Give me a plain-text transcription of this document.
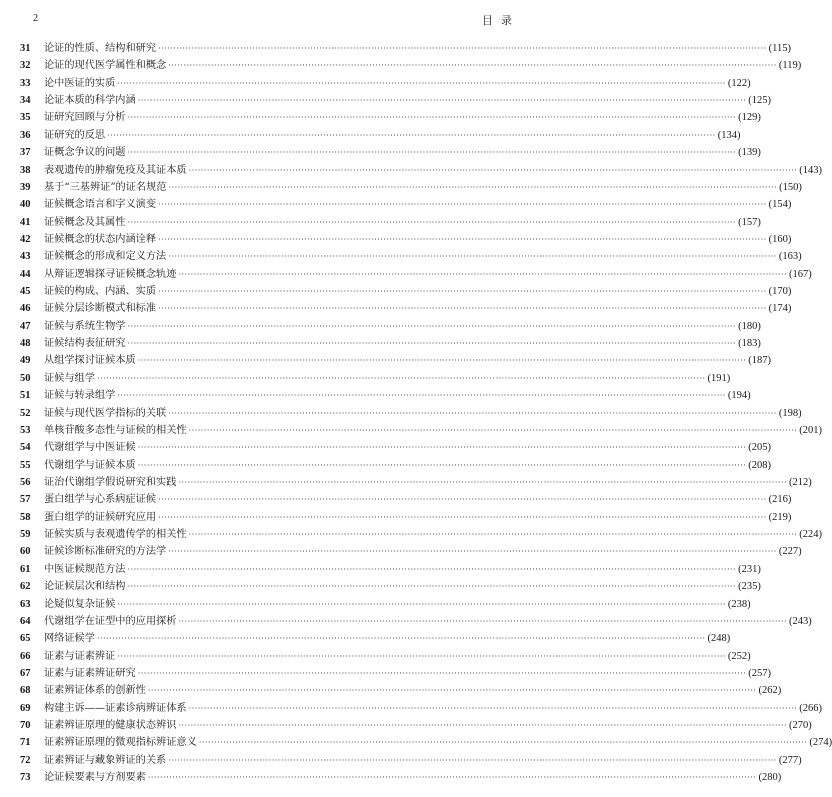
2	目录
31	论证的性质、结构和研究 ········································································································································································································ (115)
32	论证的现代医学属性和概念 ········································································································································································································ (119)
33	论中医证的实质 ········································································································································································································ (122)
34	论证本质的科学内涵 ········································································································································································································ (125)
35	证研究回顾与分析 ········································································································································································································ (129)
36	证研究的反思 ········································································································································································································ (134)
37	证概念争议的问题 ········································································································································································································ (139)
38	表观遗传的肿瘤免疫及其证本质 ········································································································································································································ (143)
39	基于“三基辨证”的证名规范 ········································································································································································································ (150)
40	证候概念语言和字义演变 ········································································································································································································ (154)
41	证候概念及其属性 ········································································································································································································ (157)
42	证候概念的状态内涵诠释 ········································································································································································································ (160)
43	证候概念的形成和定义方法 ········································································································································································································ (163)
44	从辩证逻辑探寻证候概念轨迹 ········································································································································································································ (167)
45	证候的构成、内涵、实质 ········································································································································································································ (170)
46	证候分层诊断模式和标准 ········································································································································································································ (174)
47	证候与系统生物学 ········································································································································································································ (180)
48	证候结构表征研究 ········································································································································································································ (183)
49	从组学探讨证候本质 ········································································································································································································ (187)
50	证候与组学 ········································································································································································································ (191)
51	证候与转录组学 ········································································································································································································ (194)
52	证候与现代医学指标的关联 ········································································································································································································ (198)
53	单核苷酸多态性与证候的相关性 ········································································································································································································ (201)
54	代谢组学与中医证候 ········································································································································································································ (205)
55	代谢组学与证候本质 ········································································································································································································ (208)
56	证治代谢组学假说研究和实践 ········································································································································································································ (212)
57	蛋白组学与心系病症证候 ········································································································································································································ (216)
58	蛋白组学的证候研究应用 ········································································································································································································ (219)
59	证候实质与表观遗传学的相关性 ········································································································································································································ (224)
60	证候诊断标准研究的方法学 ········································································································································································································ (227)
61	中医证候规范方法 ········································································································································································································ (231)
62	论证候层次和结构 ········································································································································································································ (235)
63	论疑似复杂证候 ········································································································································································································ (238)
64	代谢组学在证型中的应用探析 ········································································································································································································ (243)
65	网络证候学 ········································································································································································································ (248)
66	证素与证素辨证 ········································································································································································································ (252)
67	证素与证素辨证研究 ········································································································································································································ (257)
68	证素辨证体系的创新性 ········································································································································································································ (262)
69	构建主诉——证素诊病辨证体系 ········································································································································································································ (266)
70	证素辨证原理的健康状态辨识 ········································································································································································································ (270)
71	证素辨证原理的微观指标辨证意义 ········································································································································································································ (274)
72	证素辨证与藏象辨证的关系 ········································································································································································································ (277)
73	论证候要素与方剂要素 ········································································································································································································ (280)
